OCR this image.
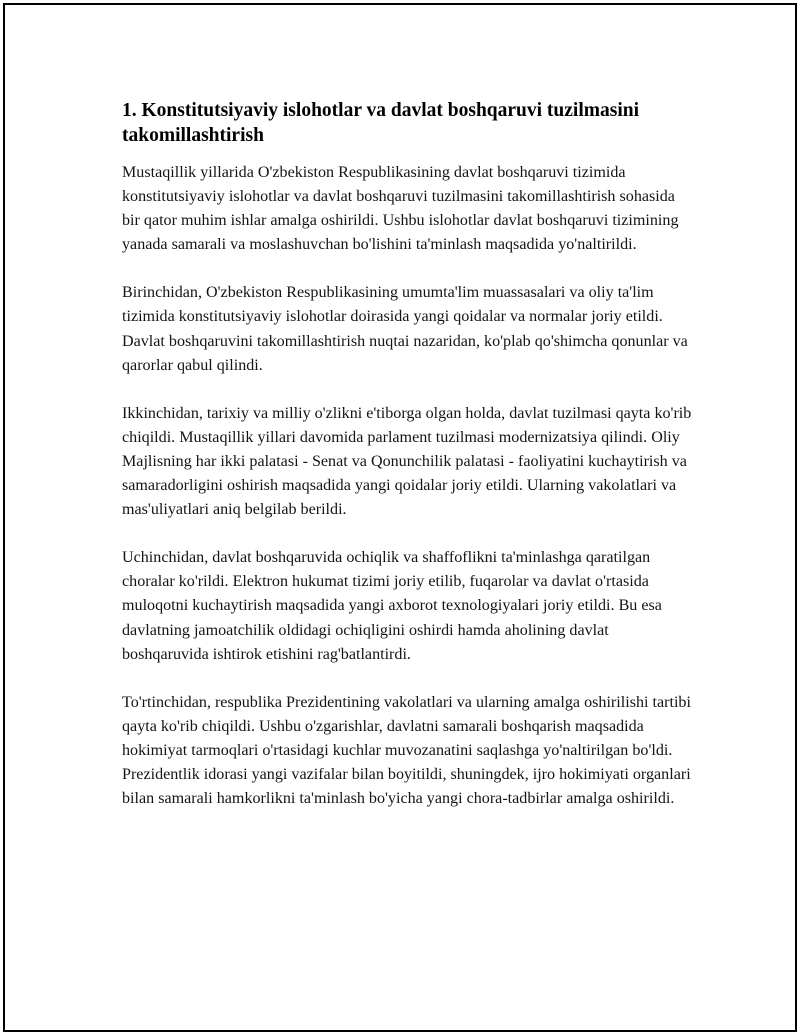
1. Konstitutsiyaviy islohotlar va davlat boshqaruvi tuzilmasini takomillashtirish

Mustaqillik yillarida O'zbekiston Respublikasining davlat boshqaruvi tizimida konstitutsiyaviy islohotlar va davlat boshqaruvi tuzilmasini takomillashtirish sohasida bir qator muhim ishlar amalga oshirildi. Ushbu islohotlar davlat boshqaruvi tizimining yanada samarali va moslashuvchan bo'lishini ta'minlash maqsadida yo'naltirildi.

Birinchidan, O'zbekiston Respublikasining umumta'lim muassasalari va oliy ta'lim tizimida konstitutsiyaviy islohotlar doirasida yangi qoidalar va normalar joriy etildi. Davlat boshqaruvini takomillashtirish nuqtai nazaridan, ko'plab qo'shimcha qonunlar va qarorlar qabul qilindi.

Ikkinchidan, tarixiy va milliy o'zlikni e'tiborga olgan holda, davlat tuzilmasi qayta ko'rib chiqildi. Mustaqillik yillari davomida parlament tuzilmasi modernizatsiya qilindi. Oliy Majlisning har ikki palatasi - Senat va Qonunchilik palatasi - faoliyatini kuchaytirish va samaradorligini oshirish maqsadida yangi qoidalar joriy etildi. Ularning vakolatlari va mas'uliyatlari aniq belgilab berildi.

Uchinchidan, davlat boshqaruvida ochiqlik va shaffoflikni ta'minlashga qaratilgan choralar ko'rildi. Elektron hukumat tizimi joriy etilib, fuqarolar va davlat o'rtasida muloqotni kuchaytirish maqsadida yangi axborot texnologiyalari joriy etildi. Bu esa davlatning jamoatchilik oldidagi ochiqligini oshirdi hamda aholining davlat boshqaruvida ishtirok etishini rag'batlantirdi.

To'rtinchidan, respublika Prezidentining vakolatlari va ularning amalga oshirilishi tartibi qayta ko'rib chiqildi. Ushbu o'zgarishlar, davlatni samarali boshqarish maqsadida hokimiyat tarmoqlari o'rtasidagi kuchlar muvozanatini saqlashga yo'naltirilgan bo'ldi. Prezidentlik idorasi yangi vazifalar bilan boyitildi, shuningdek, ijro hokimiyati organlari bilan samarali hamkorlikni ta'minlash bo'yicha yangi chora-tadbirlar amalga oshirildi.
